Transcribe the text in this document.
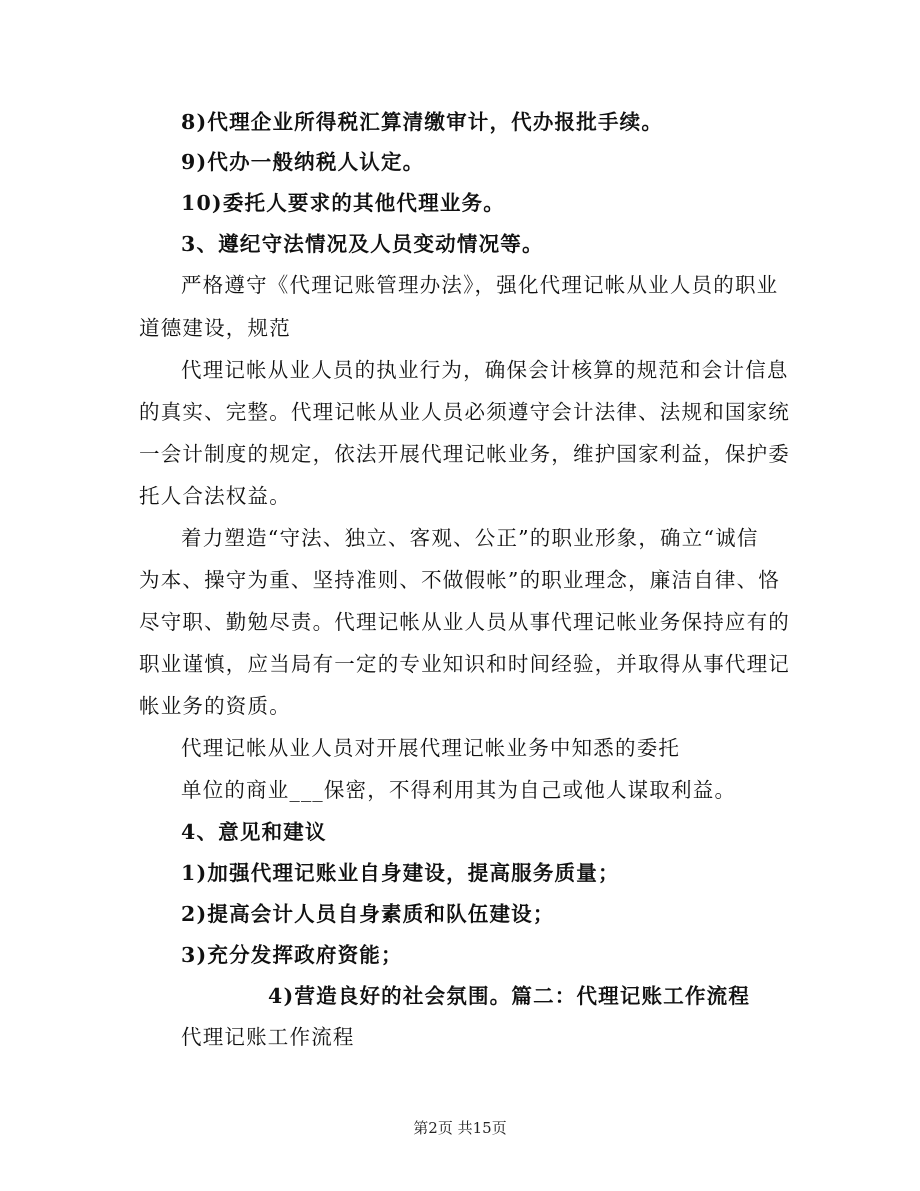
8)代理企业所得税汇算清缴审计，代办报批手续。
9)代办一般纳税人认定。
10)委托人要求的其他代理业务。
3、遵纪守法情况及人员变动情况等。
严格遵守《代理记账管理办法》，强化代理记帐从业人员的职业
道德建设，规范
代理记帐从业人员的执业行为，确保会计核算的规范和会计信息
的真实、完整。代理记帐从业人员必须遵守会计法律、法规和国家统
一会计制度的规定，依法开展代理记帐业务，维护国家利益，保护委
托人合法权益。
着力塑造“守法、独立、客观、公正”的职业形象，确立“诚信
为本、操守为重、坚持准则、不做假帐”的职业理念，廉洁自律、恪
尽守职、勤勉尽责。代理记帐从业人员从事代理记帐业务保持应有的
职业谨慎，应当局有一定的专业知识和时间经验，并取得从事代理记
帐业务的资质。
代理记帐从业人员对开展代理记帐业务中知悉的委托
单位的商业___保密，不得利用其为自己或他人谋取利益。
4、意见和建议
1)加强代理记账业自身建设，提高服务质量；
2)提高会计人员自身素质和队伍建设；
3)充分发挥政府资能；
4)营造良好的社会氛围。篇二：代理记账工作流程
代理记账工作流程
第2页 共15页
